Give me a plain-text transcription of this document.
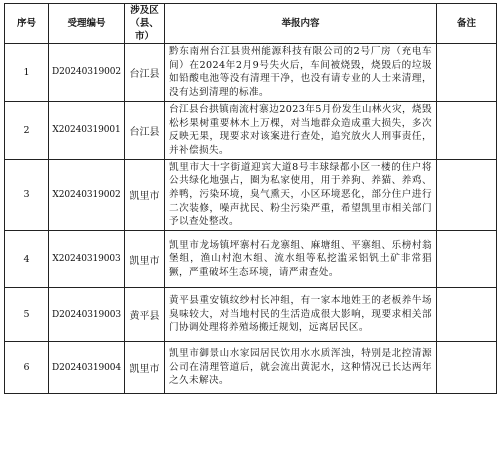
序号	受理编号	涉及区（县、市）	举报内容	备注
1	D20240319002	台江县	黔东南州台江县贵州能源科技有限公司的2号厂房（充电车间）在2024年2月9号失火后，车间被烧毁，烧毁后的垃圾如铅酸电池等没有清理干净，也没有请专业的人士来清理，没有达到清理的标准。	
2	X20240319001	台江县	台江县台拱镇南流村寨边2023年5月份发生山林火灾，烧毁松杉果树重要林木上万棵，对当地群众造成重大损失，多次反映无果，现要求对该案进行查处，追究放火人刑事责任，并补偿损失。	
3	X20240319002	凯里市	凯里市大十字街道迎宾大道8号丰球绿都小区一楼的住户将公共绿化地强占，圈为私家使用，用于养狗、养猫、养鸡、养鸭，污染环境，臭气熏天，小区环境恶化，部分住户进行二次装修，噪声扰民、粉尘污染严重，希望凯里市相关部门予以查处整改。	
4	X20240319003	凯里市	凯里市龙场镇坪寨村石龙寨组、麻塘组、平寨组、乐榜村翁堡组，渔山村泡木组、流水组等私挖滥采铝钒土矿非常猖獗，严重破坏生态环境，请严肃查处。	
5	D20240319003	黄平县	黄平县重安镇纹纱村长冲组，有一家本地姓王的老板养牛场臭味较大，对当地村民的生活造成很大影响，现要求相关部门协调处理将养殖场搬迁规划，远离居民区。	
6	D20240319004	凯里市	凯里市御景山水家园居民饮用水水质浑浊，特别是北控清源公司在清理管道后，就会流出黄泥水，这种情况已长达两年之久未解决。	
